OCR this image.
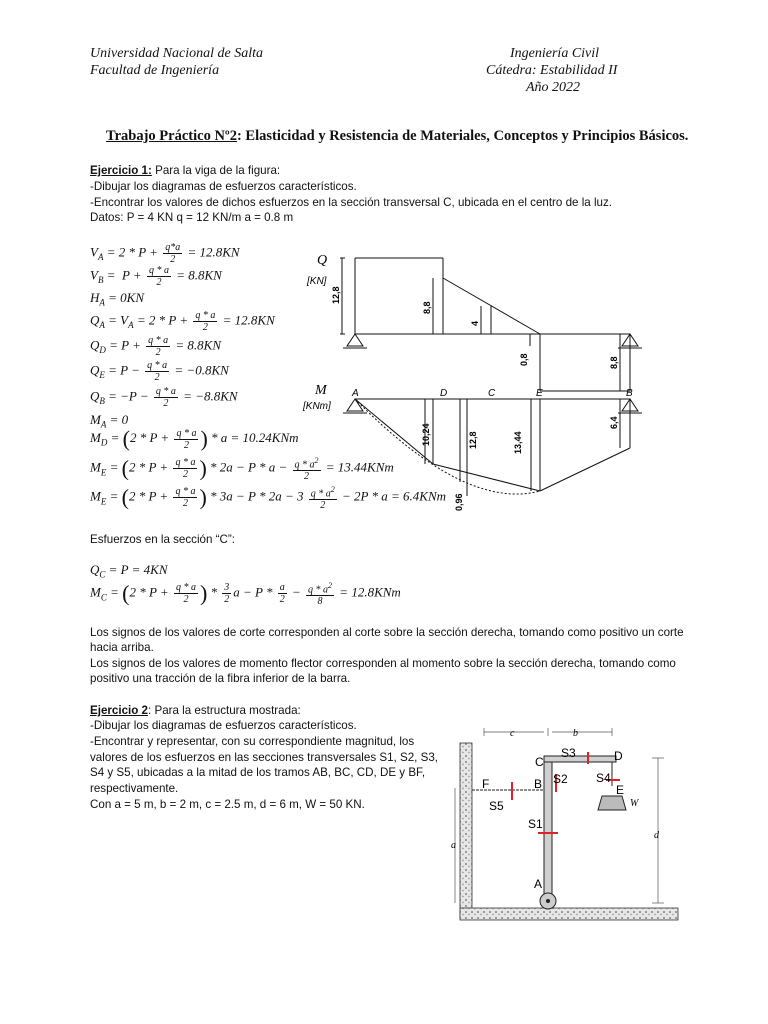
Universidad Nacional de Salta
Facultad de Ingeniería
Ingeniería Civil
Cátedra: Estabilidad II
Año 2022
Trabajo Práctico Nº2: Elasticidad y Resistencia de Materiales, Conceptos y Principios Básicos.
Ejercicio 1: Para la viga de la figura:
-Dibujar los diagramas de esfuerzos característicos.
-Encontrar los valores de dichos esfuerzos en la sección transversal C, ubicada en el centro de la luz.
Datos: P = 4 KN q = 12 KN/m a = 0.8 m
$V_A = 2 * P + \frac{q*a}{2} = 12.8KN$
$V_B = P + \frac{q * a}{2} = 8.8KN$
$H_A = 0KN$
$Q_A = V_A = 2 * P + \frac{q * a}{2} = 12.8KN$
$Q_D = P + \frac{q * a}{2} = 8.8KN$
$Q_E = P - \frac{q * a}{2} = -0.8KN$
$Q_B = -P - \frac{q * a}{2} = -8.8KN$
$M_A = 0$
$M_D = (2 * P + \frac{q * a}{2}$ ) * a = 10.24KNm
$M_E = (2 * P + \frac{q * a}{2}$ ) * $2a - P * a - \frac{q * a^2}{2} = 13.44KNm$
$M_E = (2 * P + \frac{q * a}{2}$ ) * $3a - P * 2a - 3 \frac{q * a^2}{2} - 2P * a = 6.4KNm$
Q
[KN]
12,8
8,8
4
0,8	8,8
M
[KNm]
A	D	C	E	B
10,24	12,8	13,44
6,4
0,96
Esfuerzos en la sección “C”:
$Q_C = P = 4KN$
$M_C = (2 * P + \frac{q * a}{2}$ ) * $\frac{3}{2}$ $a - P * \frac{a}{2} - \frac{q * a^2}{8} = 12.8KNm$
Los signos de los valores de corte corresponden al corte sobre la sección derecha, tomando como positivo un corte
hacia arriba.
Los signos de los valores de momento flector corresponden al momento sobre la sección derecha, tomando como
positivo una tracción de la fibra inferior de la barra.
Ejercicio 2: Para la estructura mostrada:
-Dibujar los diagramas de esfuerzos característicos.
-Encontrar y representar, con su correspondiente magnitud, los
valores de los esfuerzos en las secciones transversales S1, S2, S3,
S4 y S5, ubicadas a la mitad de los tramos AB, BC, CD, DE y BF,
respectivamente.
Con a = 5 m, b = 2 m, c = 2.5 m, d = 6 m, W = 50 KN.
c	b
a
d
W
C	D
B	E
F
A
S3
S2 S4
S5
S1
